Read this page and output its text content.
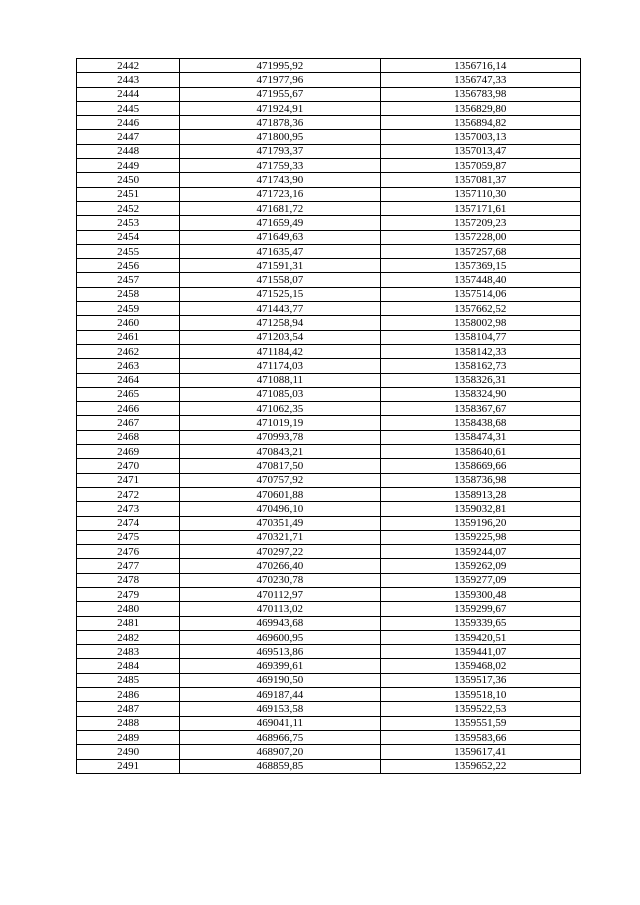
2442	471995,92	1356716,14
2443	471977,96	1356747,33
2444	471955,67	1356783,98
2445	471924,91	1356829,80
2446	471878,36	1356894,82
2447	471800,95	1357003,13
2448	471793,37	1357013,47
2449	471759,33	1357059,87
2450	471743,90	1357081,37
2451	471723,16	1357110,30
2452	471681,72	1357171,61
2453	471659,49	1357209,23
2454	471649,63	1357228,00
2455	471635,47	1357257,68
2456	471591,31	1357369,15
2457	471558,07	1357448,40
2458	471525,15	1357514,06
2459	471443,77	1357662,52
2460	471258,94	1358002,98
2461	471203,54	1358104,77
2462	471184,42	1358142,33
2463	471174,03	1358162,73
2464	471088,11	1358326,31
2465	471085,03	1358324,90
2466	471062,35	1358367,67
2467	471019,19	1358438,68
2468	470993,78	1358474,31
2469	470843,21	1358640,61
2470	470817,50	1358669,66
2471	470757,92	1358736,98
2472	470601,88	1358913,28
2473	470496,10	1359032,81
2474	470351,49	1359196,20
2475	470321,71	1359225,98
2476	470297,22	1359244,07
2477	470266,40	1359262,09
2478	470230,78	1359277,09
2479	470112,97	1359300,48
2480	470113,02	1359299,67
2481	469943,68	1359339,65
2482	469600,95	1359420,51
2483	469513,86	1359441,07
2484	469399,61	1359468,02
2485	469190,50	1359517,36
2486	469187,44	1359518,10
2487	469153,58	1359522,53
2488	469041,11	1359551,59
2489	468966,75	1359583,66
2490	468907,20	1359617,41
2491	468859,85	1359652,22
